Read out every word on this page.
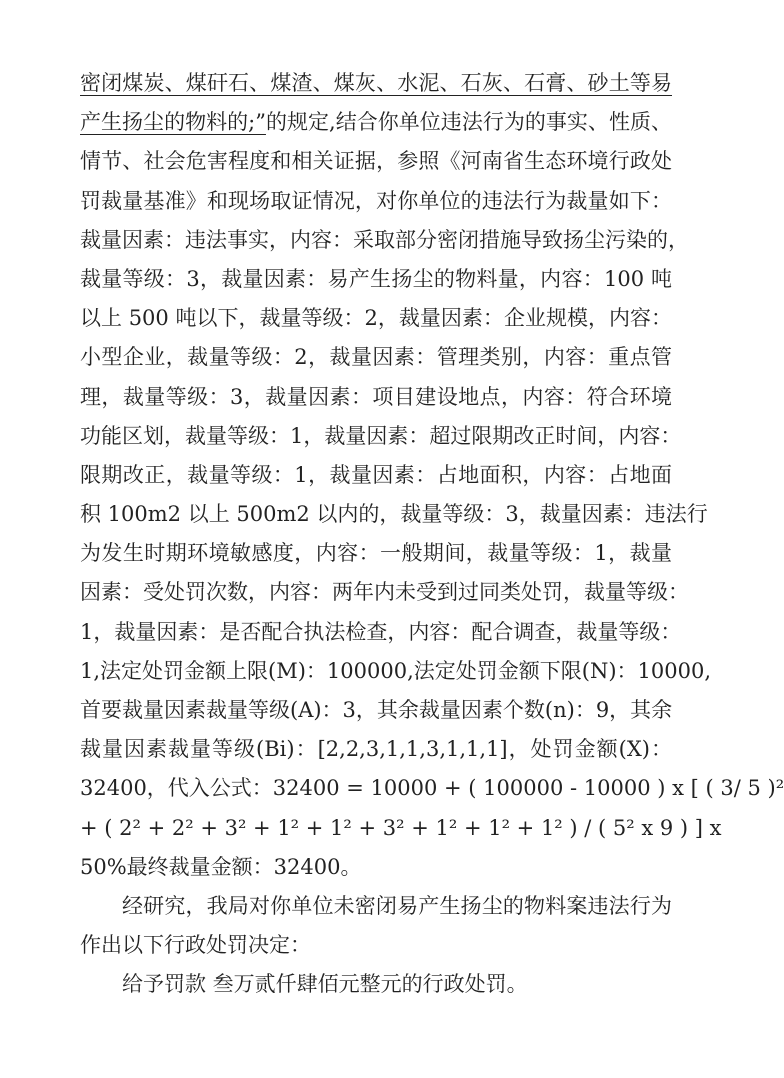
密闭煤炭、煤矸石、煤渣、煤灰、水泥、石灰、石膏、砂土等易
产生扬尘的物料的;”的规定,结合你单位违法行为的事实、性质、
情节、社会危害程度和相关证据，参照《河南省生态环境行政处
罚裁量基准》和现场取证情况，对你单位的违法行为裁量如下：
裁量因素：违法事实，内容：采取部分密闭措施导致扬尘污染的，
裁量等级：3，裁量因素：易产生扬尘的物料量，内容：100 吨
以上 500 吨以下，裁量等级：2，裁量因素：企业规模，内容：
小型企业，裁量等级：2，裁量因素：管理类别，内容：重点管
理，裁量等级：3，裁量因素：项目建设地点，内容：符合环境
功能区划，裁量等级：1，裁量因素：超过限期改正时间，内容：
限期改正，裁量等级：1，裁量因素：占地面积，内容：占地面
积 100m2 以上 500m2 以内的，裁量等级：3，裁量因素：违法行
为发生时期环境敏感度，内容：一般期间，裁量等级：1，裁量
因素：受处罚次数，内容：两年内未受到过同类处罚，裁量等级：
1，裁量因素：是否配合执法检查，内容：配合调查，裁量等级：
1,法定处罚金额上限(M)：100000,法定处罚金额下限(N)：10000,
首要裁量因素裁量等级(A)：3，其余裁量因素个数(n)：9，其余
裁量因素裁量等级(Bi)：[2,2,3,1,1,3,1,1,1]，处罚金额(X)：
32400，代入公式：32400 = 10000 + ( 100000 - 10000 ) x [ ( 3/ 5 )²
+ ( 2² + 2² + 3² + 1² + 1² + 3² + 1² + 1² + 1² ) / ( 5² x 9 ) ] x
50%最终裁量金额：32400。
经研究，我局对你单位未密闭易产生扬尘的物料案违法行为
作出以下行政处罚决定：
给予罚款 叁万贰仟肆佰元整元的行政处罚。
